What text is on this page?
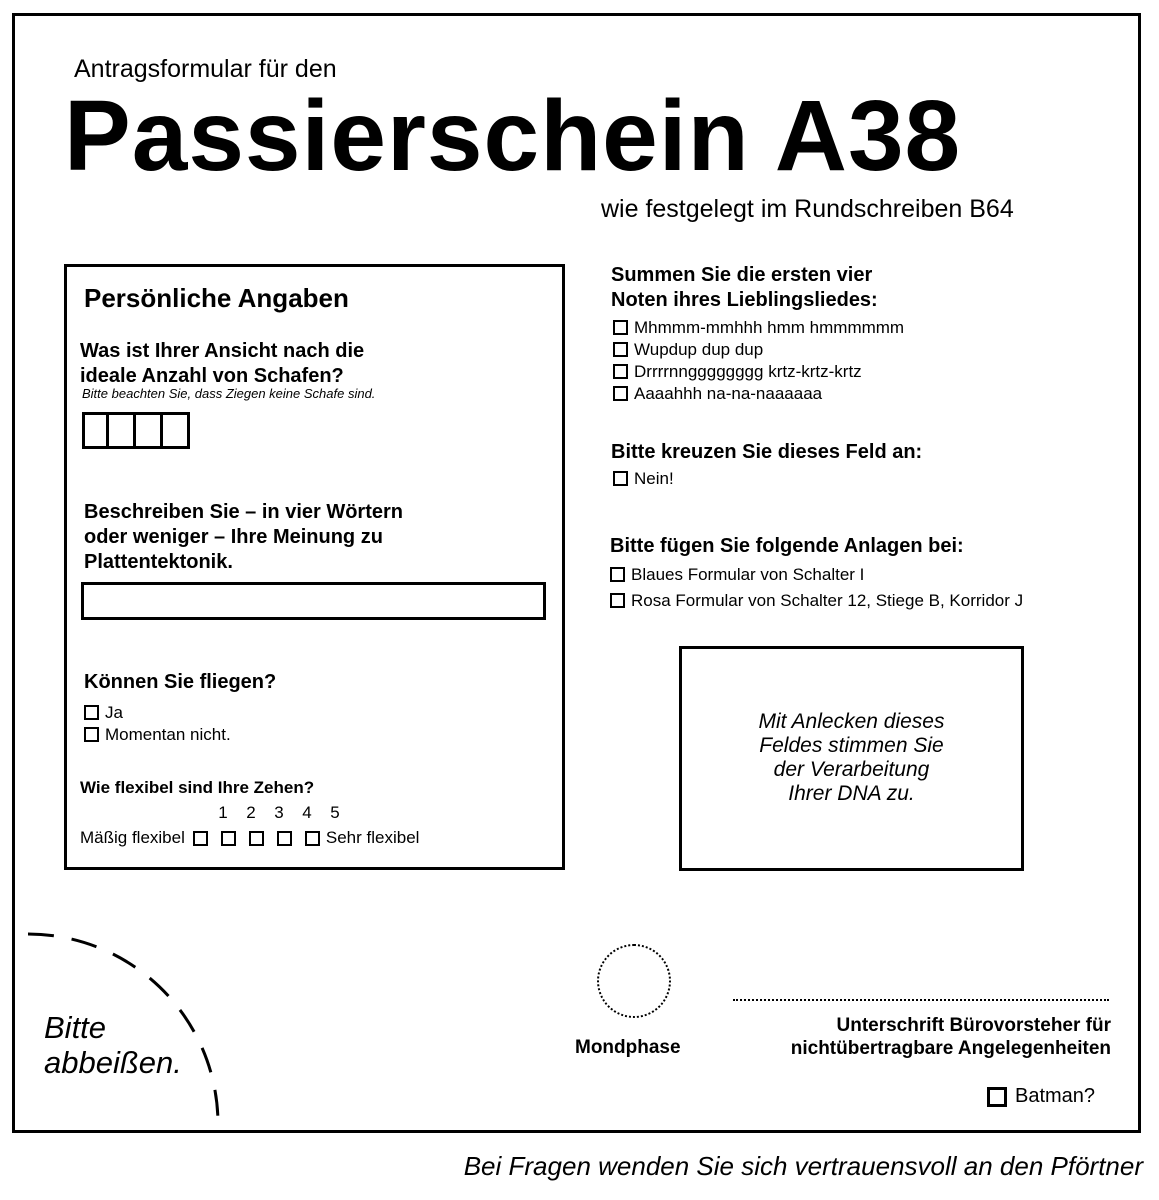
Antragsformular für den
Passierschein A38
wie festgelegt im Rundschreiben B64
Persönliche Angaben
Was ist Ihrer Ansicht nach die
ideale Anzahl von Schafen?
Bitte beachten Sie, dass Ziegen keine Schafe sind.
Beschreiben Sie – in vier Wörtern
oder weniger – Ihre Meinung zu
Plattentektonik.
Können Sie fliegen?
Ja
Momentan nicht.
Wie flexibel sind Ihre Zehen?
1	2	3	4	5
Mäßig flexibel	Sehr flexibel
Summen Sie die ersten vier
Noten ihres Lieblingsliedes:
Mhmmm-mmhhh hmm hmmmmmm
Wupdup dup dup
Drrrrnngggggggg krtz-krtz-krtz
Aaaahhh na-na-naaaaaa
Bitte kreuzen Sie dieses Feld an:
Nein!
Bitte fügen Sie folgende Anlagen bei:
Blaues Formular von Schalter I
Rosa Formular von Schalter 12, Stiege B, Korridor J
Mit Anlecken dieses
Feldes stimmen Sie
der Verarbeitung
Ihrer DNA zu.
Bitte
abbeißen.	Mondphase
Unterschrift Bürovorsteher für
nichtübertragbare Angelegenheiten
Batman?
Bei Fragen wenden Sie sich vertrauensvoll an den Pförtner
